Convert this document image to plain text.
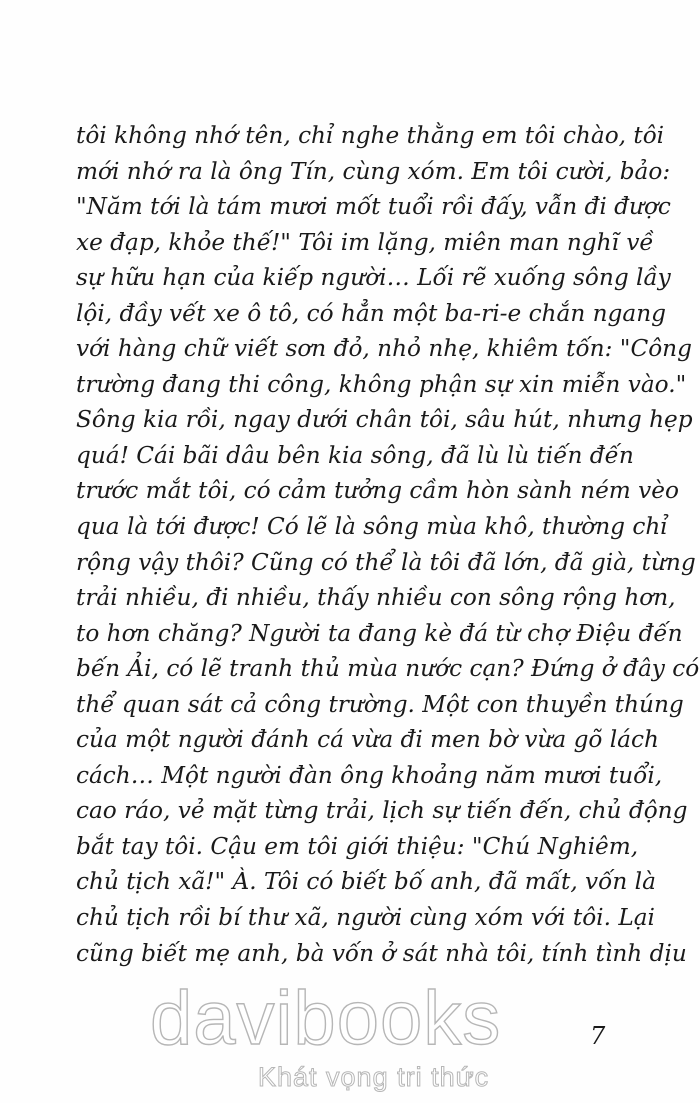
tôi không nhớ tên, chỉ nghe thằng em tôi chào, tôi
mới nhớ ra là ông Tín, cùng xóm. Em tôi cười, bảo:
"Năm tới là tám mươi mốt tuổi rồi đấy, vẫn đi được
xe đạp, khỏe thế!" Tôi im lặng, miên man nghĩ về
sự hữu hạn của kiếp người… Lối rẽ xuống sông lầy
lội, đầy vết xe ô tô, có hẳn một ba-ri-e chắn ngang
với hàng chữ viết sơn đỏ, nhỏ nhẹ, khiêm tốn: "Công
trường đang thi công, không phận sự xin miễn vào."
Sông kia rồi, ngay dưới chân tôi, sâu hút, nhưng hẹp
quá! Cái bãi dâu bên kia sông, đã lù lù tiến đến
trước mắt tôi, có cảm tưởng cầm hòn sành ném vèo
qua là tới được! Có lẽ là sông mùa khô, thường chỉ
rộng vậy thôi? Cũng có thể là tôi đã lớn, đã già, từng
trải nhiều, đi nhiều, thấy nhiều con sông rộng hơn,
to hơn chăng? Người ta đang kè đá từ chợ Điệu đến
bến Ải, có lẽ tranh thủ mùa nước cạn? Đứng ở đây có
thể quan sát cả công trường. Một con thuyền thúng
của một người đánh cá vừa đi men bờ vừa gõ lách
cách… Một người đàn ông khoảng năm mươi tuổi,
cao ráo, vẻ mặt từng trải, lịch sự tiến đến, chủ động
bắt tay tôi. Cậu em tôi giới thiệu: "Chú Nghiêm,
chủ tịch xã!" À. Tôi có biết bố anh, đã mất, vốn là
chủ tịch rồi bí thư xã, người cùng xóm với tôi. Lại
cũng biết mẹ anh, bà vốn ở sát nhà tôi, tính tình dịu
davibooks
Khát vọng tri thức
7
